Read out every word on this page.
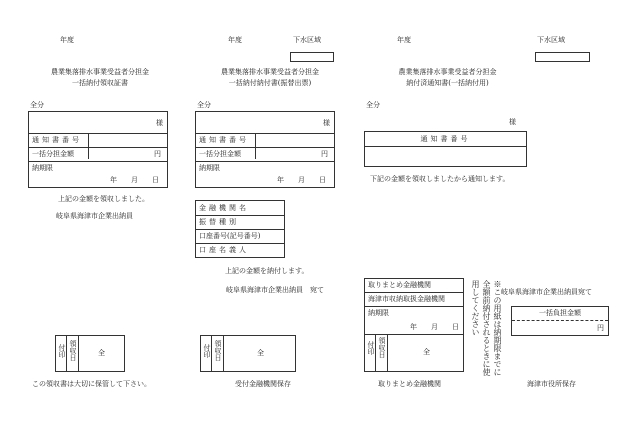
年度
農業集落排水事業受益者分担金
一括納付領収証書
全分
様
通知書番号
一括分担金額	円
納期限
年　　月　　日
上記の金額を領収しました。
岐阜県海津市企業出納員
付印 領収日	全
この領収書は大切に保管して下さい。
年度	下水区域
農業集落排水事業受益者分担金
一括納付納付書(振替出票)
全分
様
通知書番号
一括分担金額	円
納期限
年　　月　　日
金融機関名
振替種別
口座番号(記号番号)
口座名義人
上記の金額を納付します。
岐阜県海津市企業出納員　宛て
付印 領収日	全
受付金融機関保存
年度	下水区域
農業集落排水事業受益者分担金
納付済通知書(一括納付用)
全分
様
通知書番号
下記の金額を領収しましたから通知します。
取りまとめ金融機関
海津市収納取扱金融機関
納期限
年　　月　　日
付印 領収日	全	※この用紙は納期限までに全額前納付されるときに使用してください
取りまとめ金融機関
岐阜県海津市企業出納員宛て
一括負担金額
円
海津市役所保存
